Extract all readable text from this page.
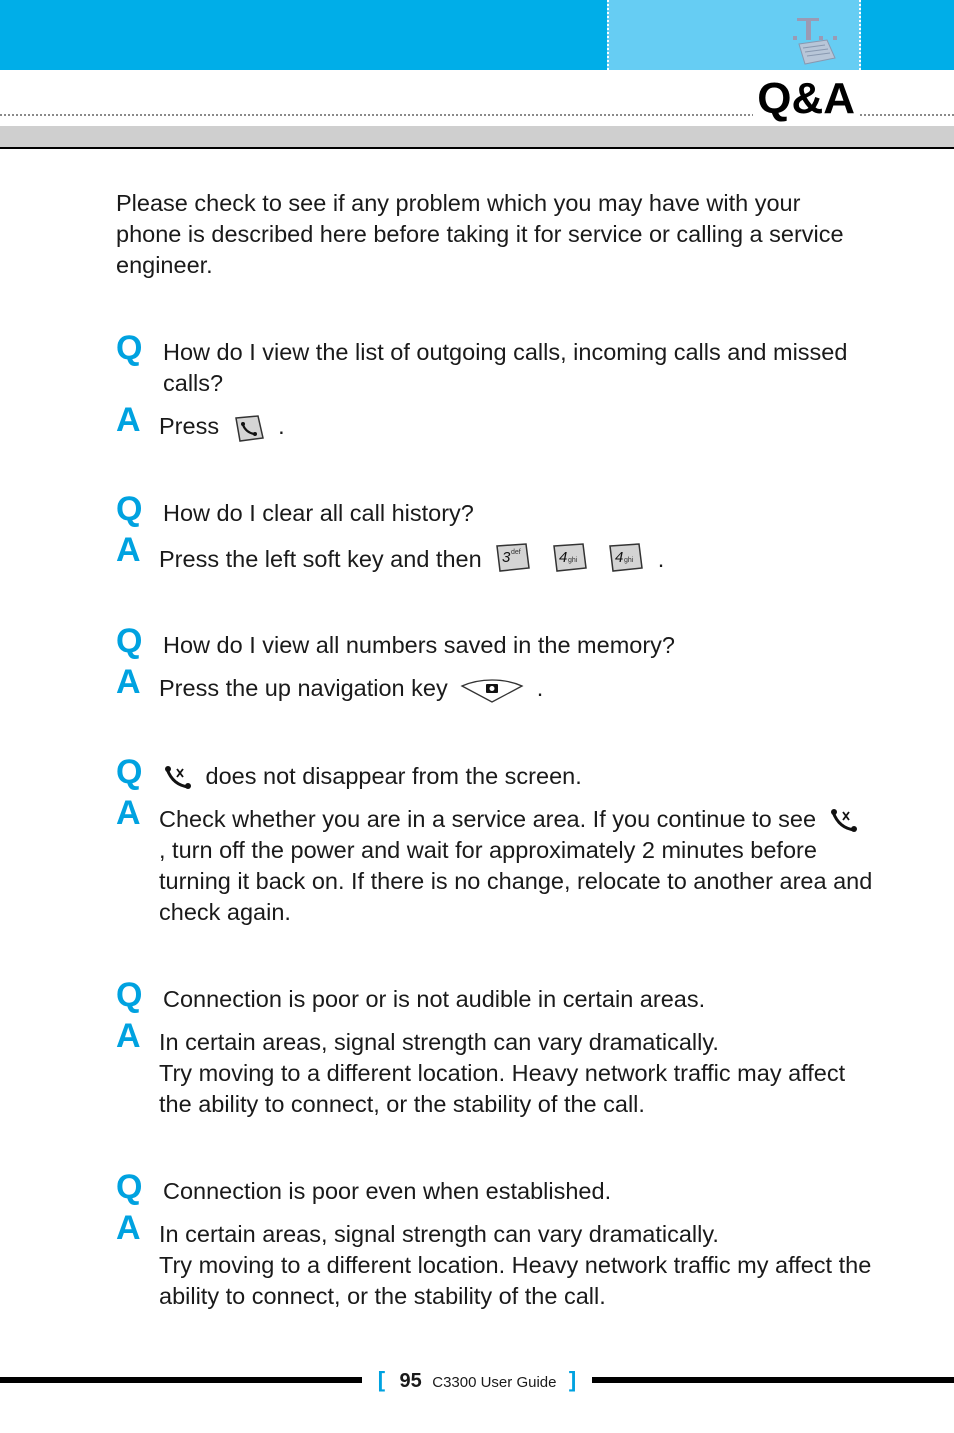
Q&A

Please check to see if any problem which you may have with your phone is described here before taking it for service or calling a service engineer.

Q How do I view the list of outgoing calls, incoming calls and missed calls?
A Press	.
Q How do I clear all call history?
A Press the left soft key and then 3 def
	4 ghi
	4 ghi .
Q How do I view all numbers saved in the memory?
A Press the up navigation key	.
Q	does not disappear from the screen.
A Check whether you are in a service area. If you continue to see  , turn off the power and wait for approximately 2 minutes before turning it back on. If there is no change, relocate to another area and check again.
Q Connection is poor or is not audible in certain areas.
A In certain areas, signal strength can vary dramatically.
Try moving to a different location. Heavy network traffic may affect the ability to connect, or the stability of the call.
Q Connection is poor even when established.
A In certain areas, signal strength can vary dramatically.
Try moving to a different location. Heavy network traffic my affect the ability to connect, or the stability of the call.
[ 95 C3300 User Guide ]
